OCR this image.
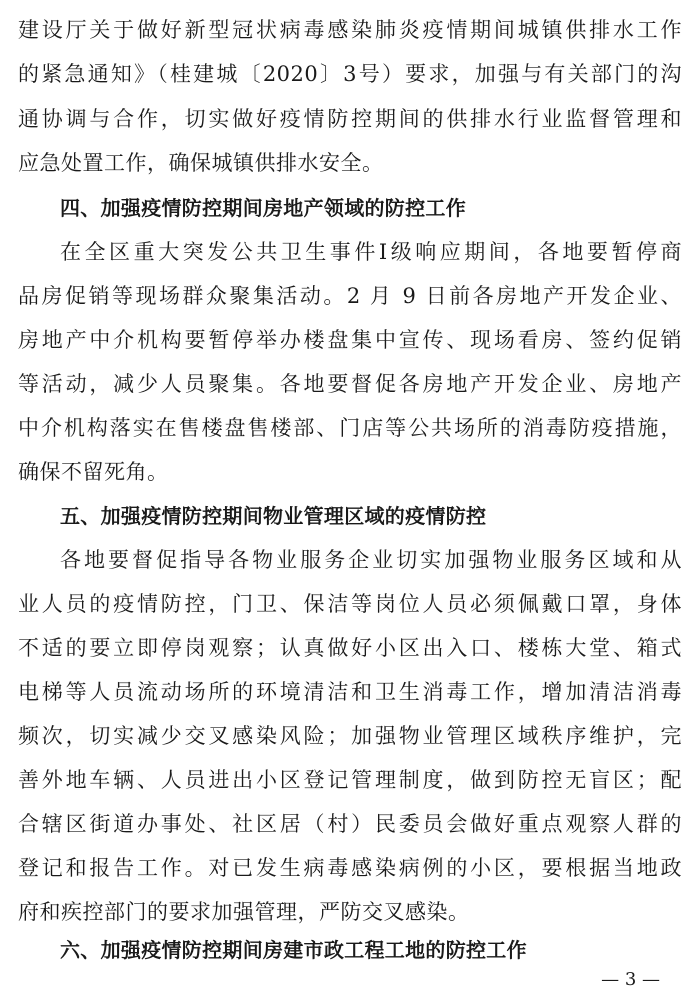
建设厅关于做好新型冠状病毒感染肺炎疫情期间城镇供排水工作
的紧急通知》（桂建城〔2020〕3号）要求，加强与有关部门的沟
通协调与合作，切实做好疫情防控期间的供排水行业监督管理和
应急处置工作，确保城镇供排水安全。
四、加强疫情防控期间房地产领域的防控工作
在全区重大突发公共卫生事件Ⅰ级响应期间，各地要暂停商
品房促销等现场群众聚集活动。2 月 9 日前各房地产开发企业、
房地产中介机构要暂停举办楼盘集中宣传、现场看房、签约促销
等活动，减少人员聚集。各地要督促各房地产开发企业、房地产
中介机构落实在售楼盘售楼部、门店等公共场所的消毒防疫措施，
确保不留死角。
五、加强疫情防控期间物业管理区域的疫情防控
各地要督促指导各物业服务企业切实加强物业服务区域和从
业人员的疫情防控，门卫、保洁等岗位人员必须佩戴口罩，身体
不适的要立即停岗观察；认真做好小区出入口、楼栋大堂、箱式
电梯等人员流动场所的环境清洁和卫生消毒工作，增加清洁消毒
频次，切实减少交叉感染风险；加强物业管理区域秩序维护，完
善外地车辆、人员进出小区登记管理制度，做到防控无盲区；配
合辖区街道办事处、社区居（村）民委员会做好重点观察人群的
登记和报告工作。对已发生病毒感染病例的小区，要根据当地政
府和疾控部门的要求加强管理，严防交叉感染。
六、加强疫情防控期间房建市政工程工地的防控工作
— 3 —
